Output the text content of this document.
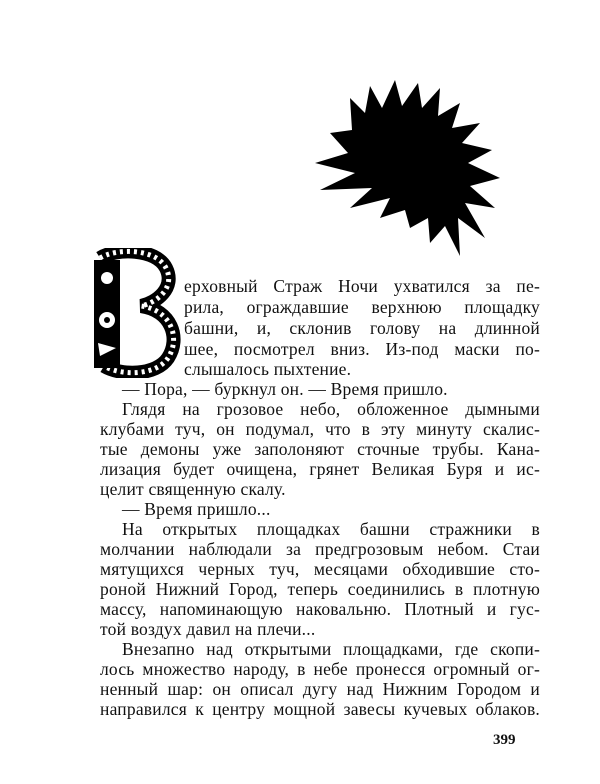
ерховный Страж Ночи ухватился за пе-
рила, ограждавшие верхнюю площадку
башни, и, склонив голову на длинной
шее, посмотрел вниз. Из-под маски по-
слышалось пыхтение.
— Пора, — буркнул он. — Время пришло.
Глядя на грозовое небо, обложенное дымными
клубами туч, он подумал, что в эту минуту скалис-
тые демоны уже заполоняют сточные трубы. Кана-
лизация будет очищена, грянет Великая Буря и ис-
целит священную скалу.
— Время пришло...
На открытых площадках башни стражники в
молчании наблюдали за предгрозовым небом. Стаи
мятущихся черных туч, месяцами обходившие сто-
роной Нижний Город, теперь соединились в плотную
массу, напоминающую наковальню. Плотный и гус-
той воздух давил на плечи...
Внезапно над открытыми площадками, где скопи-
лось множество народу, в небе пронесся огромный ог-
ненный шар: он описал дугу над Нижним Городом и
направился к центру мощной завесы кучевых облаков.
399
